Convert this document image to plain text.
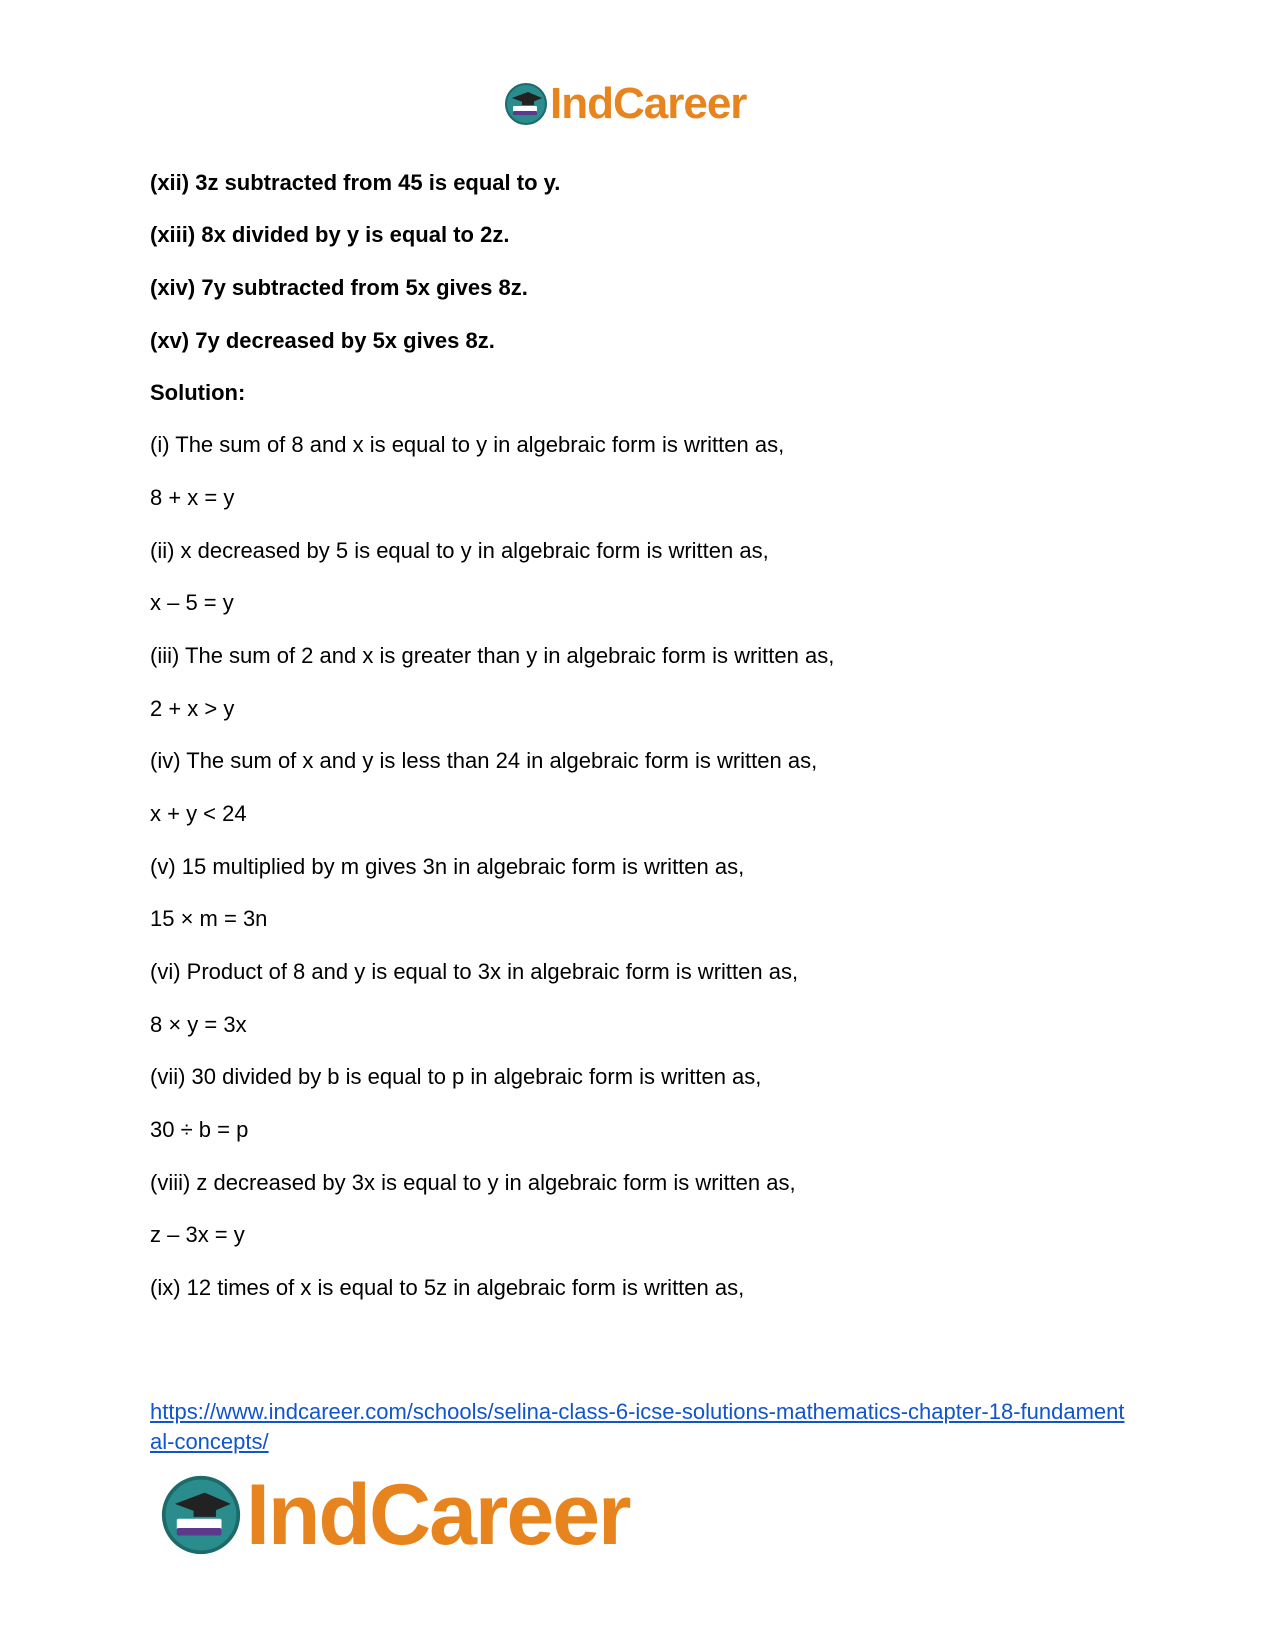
IndCareer
(xii) 3z subtracted from 45 is equal to y.
(xiii) 8x divided by y is equal to 2z.
(xiv) 7y subtracted from 5x gives 8z.
(xv) 7y decreased by 5x gives 8z.
Solution:
(i) The sum of 8 and x is equal to y in algebraic form is written as,
8 + x = y
(ii) x decreased by 5 is equal to y in algebraic form is written as,
x – 5 = y
(iii) The sum of 2 and x is greater than y in algebraic form is written as,
2 + x > y
(iv) The sum of x and y is less than 24 in algebraic form is written as,
x + y < 24
(v) 15 multiplied by m gives 3n in algebraic form is written as,
15 × m = 3n
(vi) Product of 8 and y is equal to 3x in algebraic form is written as,
8 × y = 3x
(vii) 30 divided by b is equal to p in algebraic form is written as,
30 ÷ b = p
(viii) z decreased by 3x is equal to y in algebraic form is written as,
z – 3x = y
(ix) 12 times of x is equal to 5z in algebraic form is written as,
https://www.indcareer.com/schools/selina-class-6-icse-solutions-mathematics-chapter-18-fundamental-concepts/
IndCareer
